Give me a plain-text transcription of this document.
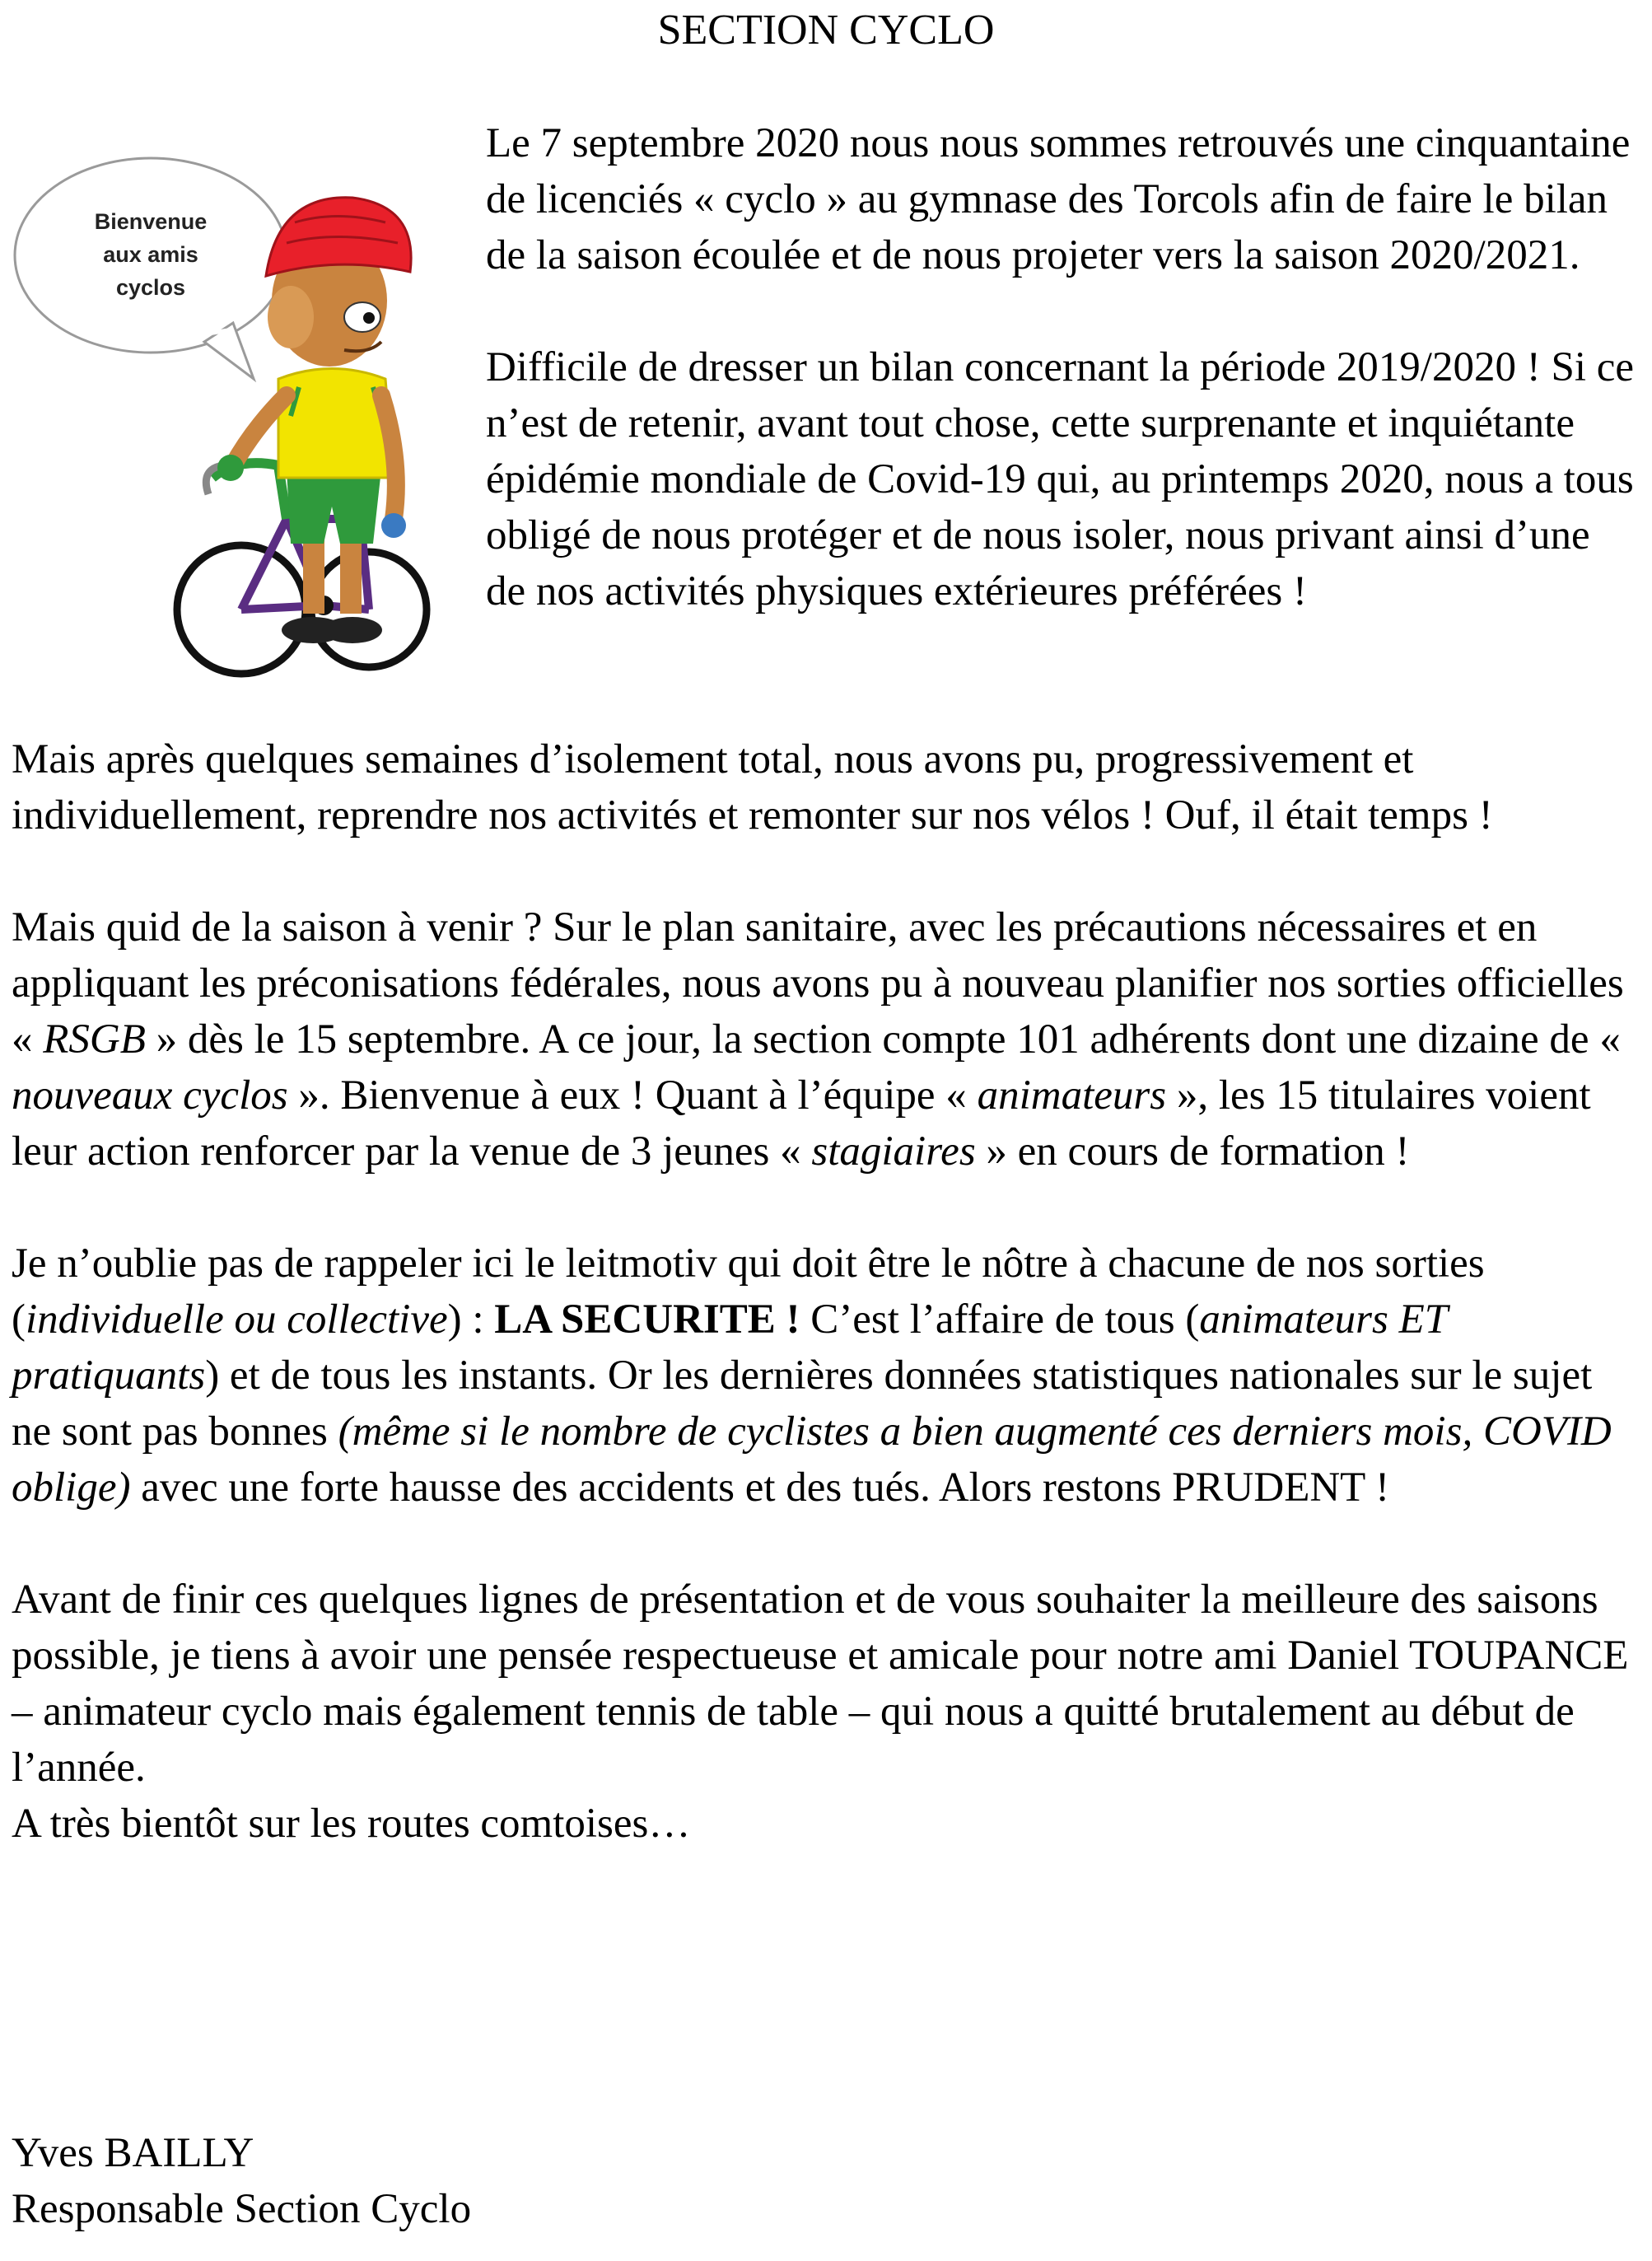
SECTION CYCLO
Bienvenue
aux amis
cyclos

Le 7 septembre 2020 nous nous sommes retrouvés une cinquantaine de licenciés « cyclo » au gymnase des Torcols afin de faire le bilan de la saison écoulée et de nous projeter vers la saison 2020/2021.

Difficile de dresser un bilan concernant la période 2019/2020 ! Si ce n’est de retenir, avant tout chose, cette surprenante et inquiétante épidémie mondiale de Covid-19 qui, au printemps 2020, nous a tous obligé de nous protéger et de nous isoler, nous privant ainsi d’une de nos activités physiques extérieures préférées !

Mais après quelques semaines d’isolement total, nous avons pu, progressivement et individuellement, reprendre nos activités et remonter sur nos vélos ! Ouf, il était temps !

Mais quid de la saison à venir ? Sur le plan sanitaire, avec les précautions nécessaires et en appliquant les préconisations fédérales, nous avons pu à nouveau planifier nos sorties officielles « RSGB » dès le 15 septembre. A ce jour, la section compte 101 adhérents dont une dizaine de « nouveaux cyclos ». Bienvenue à eux ! Quant à l’équipe « animateurs », les 15 titulaires voient leur action renforcer par la venue de 3 jeunes « stagiaires » en cours de formation !

Je n’oublie pas de rappeler ici le leitmotiv qui doit être le nôtre à chacune de nos sorties (individuelle ou collective) : LA SECURITE ! C’est l’affaire de tous (animateurs ET pratiquants) et de tous les instants. Or les dernières données statistiques nationales sur le sujet ne sont pas bonnes (même si le nombre de cyclistes a bien augmenté ces derniers mois, COVID oblige) avec une forte hausse des accidents et des tués. Alors restons PRUDENT !

Avant de finir ces quelques lignes de présentation et de vous souhaiter la meilleure des saisons possible, je tiens à avoir une pensée respectueuse et amicale pour notre ami Daniel TOUPANCE – animateur cyclo mais également tennis de table – qui nous a quitté brutalement au début de l’année.

A très bientôt sur les routes comtoises…

Yves BAILLY

Responsable Section Cyclo
